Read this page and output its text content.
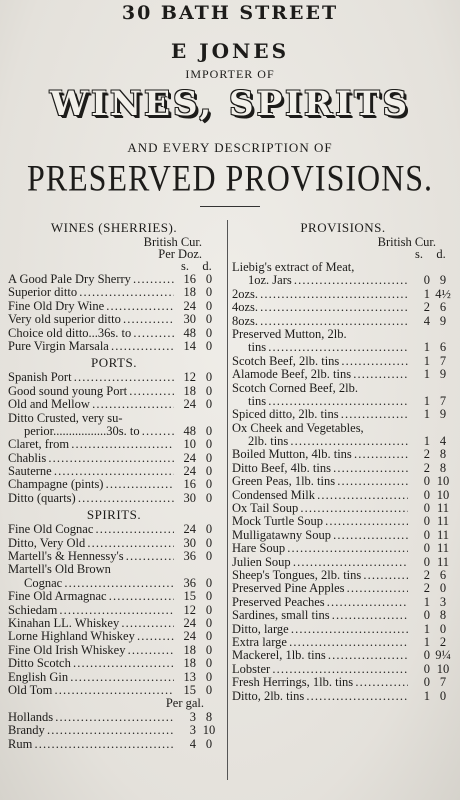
30 BATH STREET
E JONES
IMPORTER OF
WINES, SPIRITS
AND EVERY DESCRIPTION OF
PRESERVED PROVISIONS.
WINES (SHERRIES).
British Cur.
Per Doz.
s. d.
A Good Pale Dry Sherry . . .	16 0
Superior ditto . . .	18 0
Fine Old Dry Wine . . .	24 0
Very old superior ditto . . .	30 0
Choice old ditto...36s. to . . .	48 0
Pure Virgin Marsala . . .	14 0
PORTS.
Spanish Port . . .	12 0
Good sound young Port . . .	18 0
Old and Mellow . . .	24 0
Ditto Crusted, very su-
perior.................30s. to . . .	48 0
Claret, from . . .	10 0
Chablis . . .	24 0
Sauterne . . .	24 0
Champagne (pints) . . .	16 0
Ditto (quarts) . . .	30 0
SPIRITS.
Fine Old Cognac . . .	24 0
Ditto, Very Old . . .	30 0
Martell's & Hennessy's . . .	36 0
Martell's Old Brown
Cognac . . .	36 0
Fine Old Armagnac . . .	15 0
Schiedam . . .	12 0
Kinahan LL. Whiskey . . .	24 0
Lorne Highland Whiskey . . .	24 0
Fine Old Irish Whiskey . . .	18 0
Ditto Scotch . . .	18 0
English Gin . . .	13 0
Old Tom . . .	15 0
Per gal.
Hollands . . .	3 8
Brandy . . .	3 10
Rum . . .	4 0
PROVISIONS.
British Cur.
s. d.
Liebig's extract of Meat,
1oz. Jars . . .	0 9
2ozs. . . .	1 4½
4ozs. . . .	2 6
8ozs. . . .	4 9
Preserved Mutton, 2lb.
tins . . .	1 6
Scotch Beef, 2lb. tins . . .	1 7
Alamode Beef, 2lb. tins . . .	1 9
Scotch Corned Beef, 2lb.
tins . . .	1 7
Spiced ditto, 2lb. tins . . .	1 9
Ox Cheek and Vegetables,
2lb. tins . . .	1 4
Boiled Mutton, 4lb. tins . . .	2 8
Ditto Beef, 4lb. tins . . .	2 8
Green Peas, 1lb. tins . . .	0 10
Condensed Milk . . .	0 10
Ox Tail Soup . . .	0 11
Mock Turtle Soup . . .	0 11
Mulligatawny Soup . . .	0 11
Hare Soup . . .	0 11
Julien Soup . . .	0 11
Sheep's Tongues, 2lb. tins . . .	2 6
Preserved Pine Apples . . .	2 0
Preserved Peaches . . .	1 3
Sardines, small tins . . .	0 8
Ditto, large . . .	1 0
Extra large . . .	1 2
Mackerel, 1lb. tins . . .	0 9¼
Lobster . . .	0 10
Fresh Herrings, 1lb. tins . . .	0 7
Ditto, 2lb. tins . . .	1 0
